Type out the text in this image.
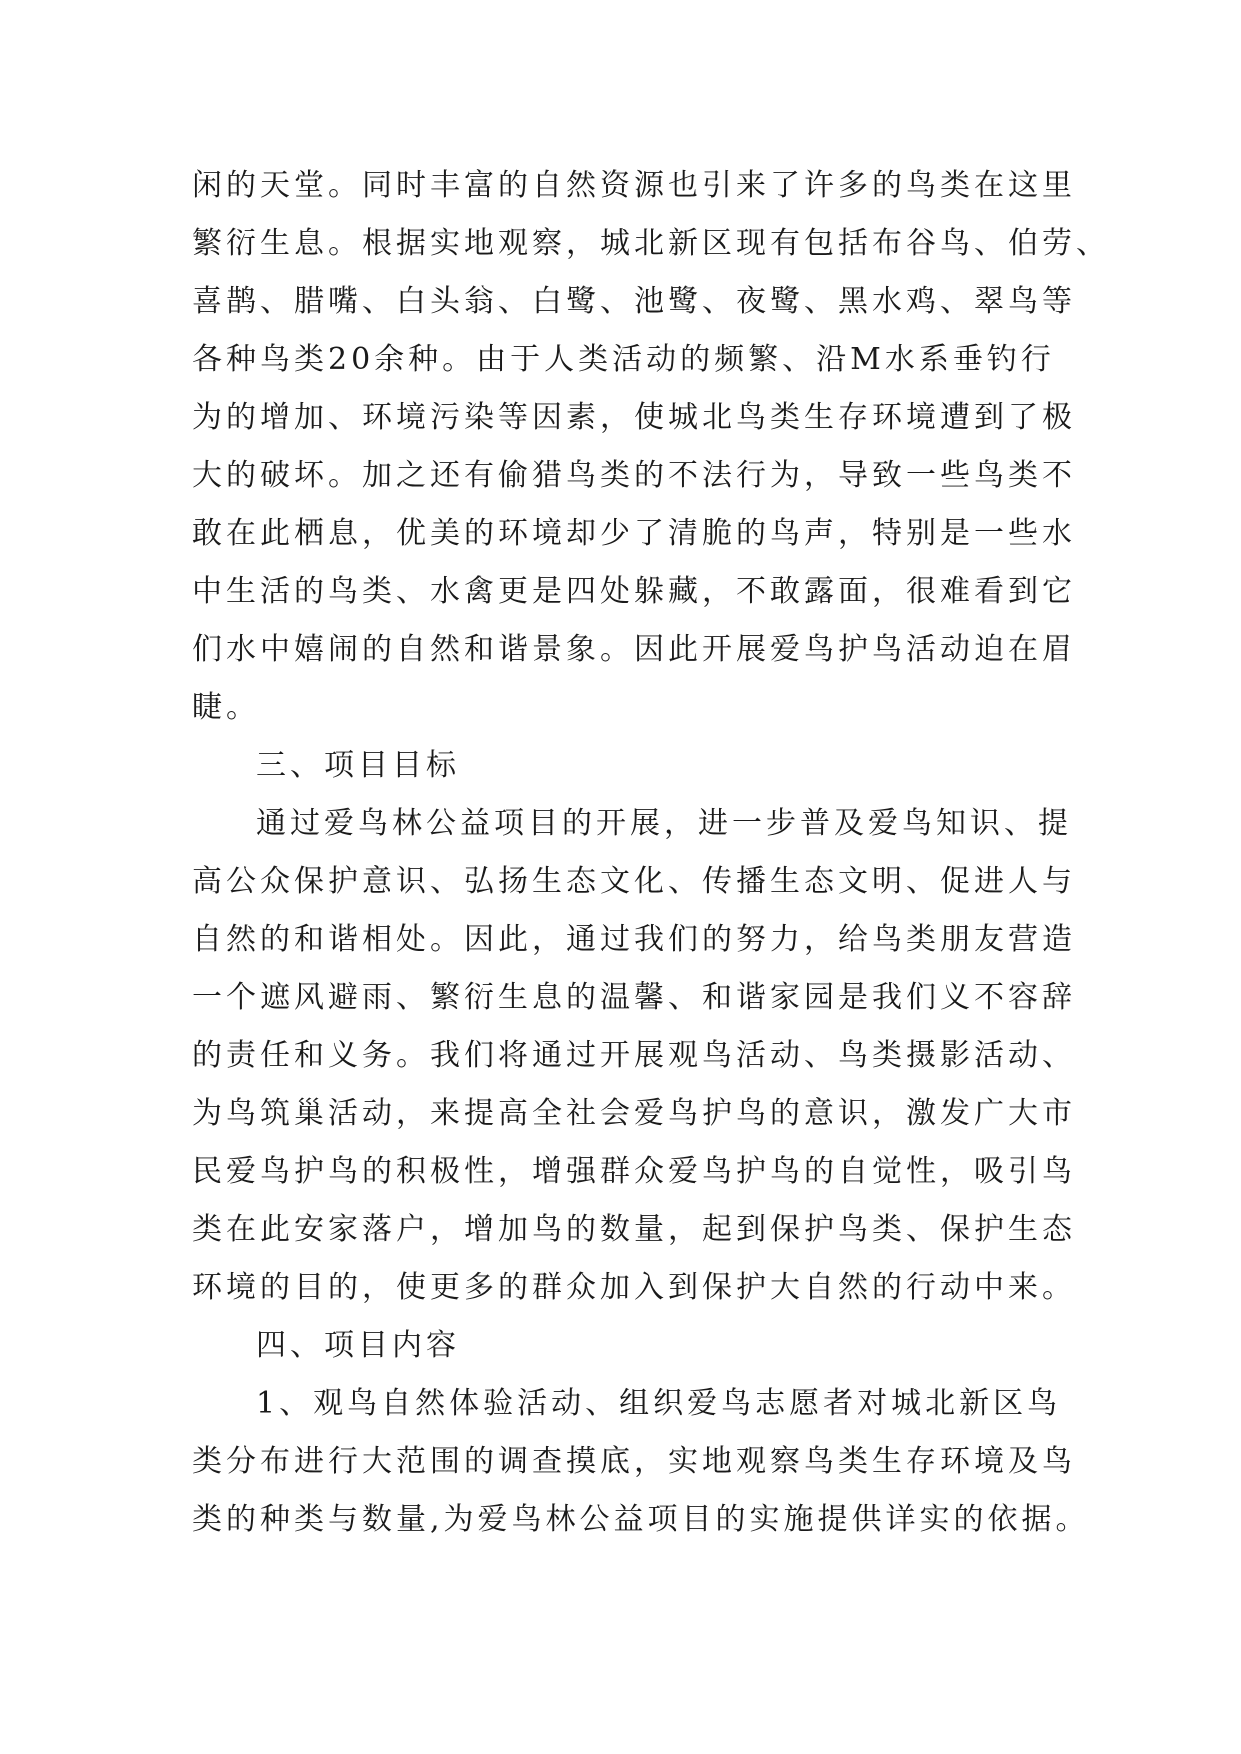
闲的天堂。同时丰富的自然资源也引来了许多的鸟类在这里
繁衍生息。根据实地观察，城北新区现有包括布谷鸟、伯劳、
喜鹊、腊嘴、白头翁、白鹭、池鹭、夜鹭、黑水鸡、翠鸟等
各种鸟类20余种。由于人类活动的频繁、沿M水系垂钓行
为的增加、环境污染等因素，使城北鸟类生存环境遭到了极
大的破坏。加之还有偷猎鸟类的不法行为，导致一些鸟类不
敢在此栖息，优美的环境却少了清脆的鸟声，特别是一些水
中生活的鸟类、水禽更是四处躲藏，不敢露面，很难看到它
们水中嬉闹的自然和谐景象。因此开展爱鸟护鸟活动迫在眉
睫。
三、项目目标
通过爱鸟林公益项目的开展，进一步普及爱鸟知识、提
高公众保护意识、弘扬生态文化、传播生态文明、促进人与
自然的和谐相处。因此，通过我们的努力，给鸟类朋友营造
一个遮风避雨、繁衍生息的温馨、和谐家园是我们义不容辞
的责任和义务。我们将通过开展观鸟活动、鸟类摄影活动、
为鸟筑巢活动，来提高全社会爱鸟护鸟的意识，激发广大市
民爱鸟护鸟的积极性，增强群众爱鸟护鸟的自觉性，吸引鸟
类在此安家落户，增加鸟的数量，起到保护鸟类、保护生态
环境的目的，使更多的群众加入到保护大自然的行动中来。
四、项目内容
1、观鸟自然体验活动、组织爱鸟志愿者对城北新区鸟
类分布进行大范围的调查摸底，实地观察鸟类生存环境及鸟
类的种类与数量,为爱鸟林公益项目的实施提供详实的依据。
